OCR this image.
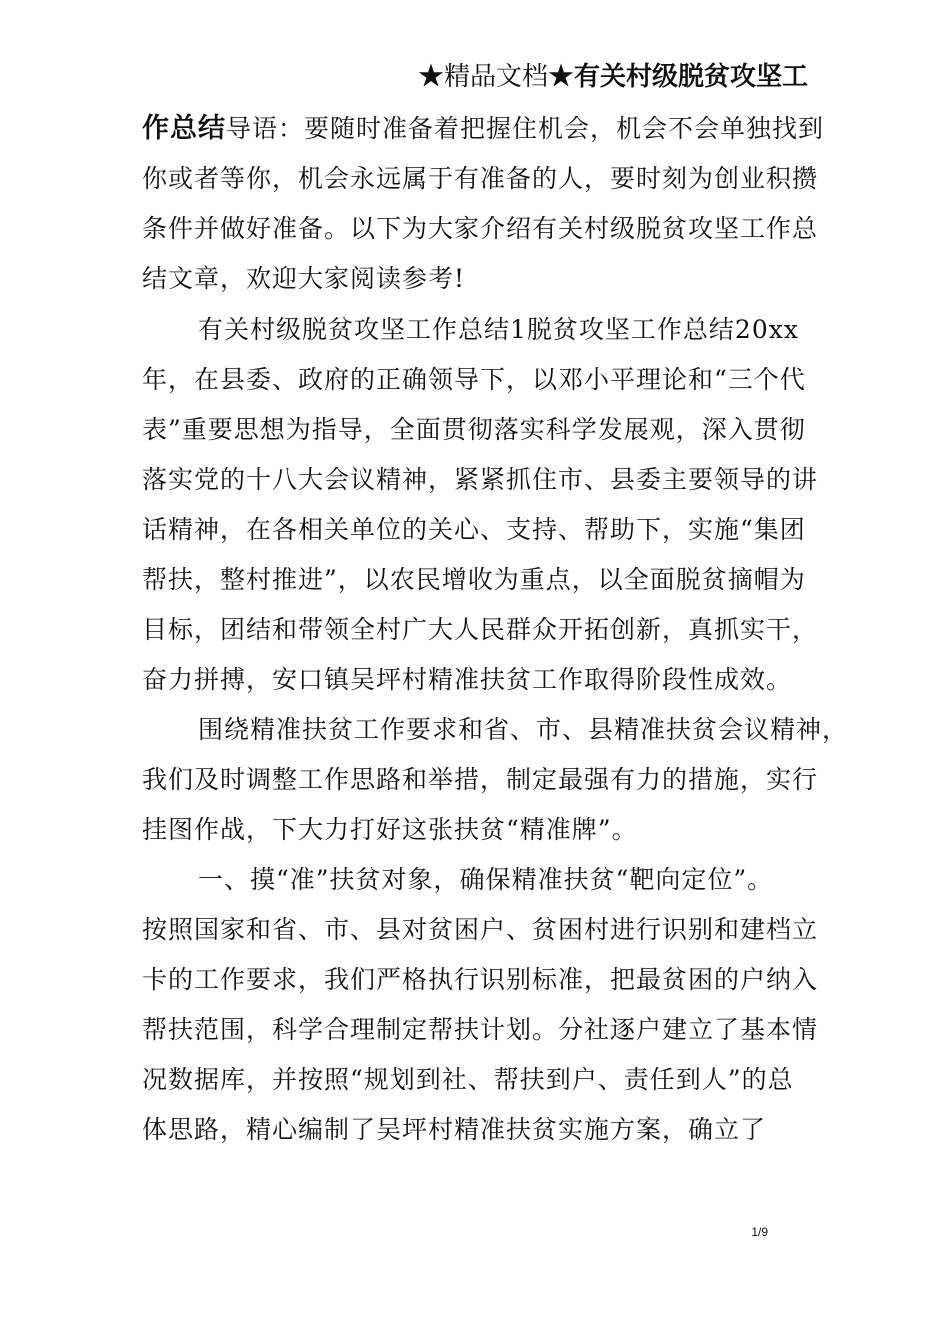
★精品文档★有关村级脱贫攻坚工
作总结导语：要随时准备着把握住机会，机会不会单独找到
你或者等你，机会永远属于有准备的人，要时刻为创业积攒
条件并做好准备。以下为大家介绍有关村级脱贫攻坚工作总
结文章，欢迎大家阅读参考!
有关村级脱贫攻坚工作总结1脱贫攻坚工作总结20xx
年，在县委、政府的正确领导下，以邓小平理论和“三个代
表”重要思想为指导，全面贯彻落实科学发展观，深入贯彻
落实党的十八大会议精神，紧紧抓住市、县委主要领导的讲
话精神，在各相关单位的关心、支持、帮助下，实施“集团
帮扶，整村推进”，以农民增收为重点，以全面脱贫摘帽为
目标，团结和带领全村广大人民群众开拓创新，真抓实干，
奋力拼搏，安口镇吴坪村精准扶贫工作取得阶段性成效。
围绕精准扶贫工作要求和省、市、县精准扶贫会议精神，
我们及时调整工作思路和举措，制定最强有力的措施，实行
挂图作战，下大力打好这张扶贫“精准牌”。
一、摸“准”扶贫对象，确保精准扶贫“靶向定位”。
按照国家和省、市、县对贫困户、贫困村进行识别和建档立
卡的工作要求，我们严格执行识别标准，把最贫困的户纳入
帮扶范围，科学合理制定帮扶计划。分社逐户建立了基本情
况数据库，并按照“规划到社、帮扶到户、责任到人”的总
体思路，精心编制了吴坪村精准扶贫实施方案，确立了
1/9
